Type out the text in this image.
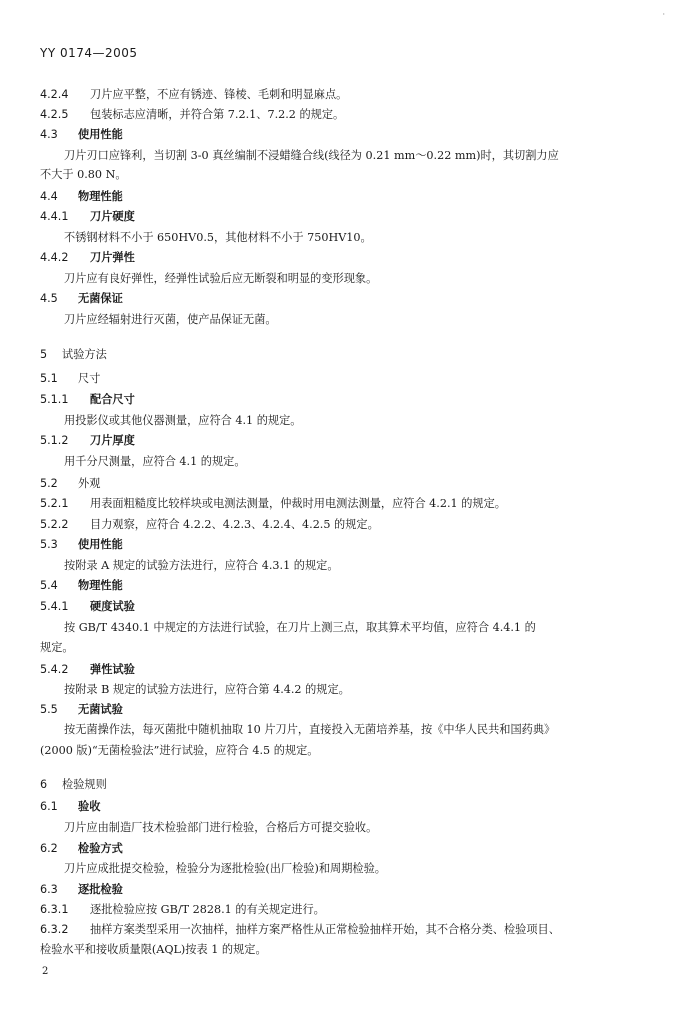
·
YY 0174—2005
4.2.4 刀片应平整，不应有锈迹、锋棱、毛刺和明显麻点。
4.2.5 包装标志应清晰，并符合第 7.2.1、7.2.2 的规定。
4.3 使用性能
刀片刃口应锋利，当切割 3-0 真丝编制不浸蜡缝合线(线径为 0.21 mm～0.22 mm)时，其切割力应
不大于 0.80 N。
4.4 物理性能
4.4.1 刀片硬度
不锈钢材料不小于 650HV0.5，其他材料不小于 750HV10。
4.4.2 刀片弹性
刀片应有良好弹性，经弹性试验后应无断裂和明显的变形现象。
4.5 无菌保证
刀片应经辐射进行灭菌，使产品保证无菌。
5 试验方法
5.1 尺寸
5.1.1 配合尺寸
用投影仪或其他仪器测量，应符合 4.1 的规定。
5.1.2 刀片厚度
用千分尺测量，应符合 4.1 的规定。
5.2 外观
5.2.1 用表面粗糙度比较样块或电测法测量，仲裁时用电测法测量，应符合 4.2.1 的规定。
5.2.2 目力观察，应符合 4.2.2、4.2.3、4.2.4、4.2.5 的规定。
5.3 使用性能
按附录 A 规定的试验方法进行，应符合 4.3.1 的规定。
5.4 物理性能
5.4.1 硬度试验
按 GB/T 4340.1 中规定的方法进行试验，在刀片上测三点，取其算术平均值，应符合 4.4.1 的
规定。
5.4.2 弹性试验
按附录 B 规定的试验方法进行，应符合第 4.4.2 的规定。
5.5 无菌试验
按无菌操作法，每灭菌批中随机抽取 10 片刀片，直接投入无菌培养基，按《中华人民共和国药典》
(2000 版)“无菌检验法”进行试验，应符合 4.5 的规定。
6 检验规则
6.1 验收
刀片应由制造厂技术检验部门进行检验，合格后方可提交验收。
6.2 检验方式
刀片应成批提交检验，检验分为逐批检验(出厂检验)和周期检验。
6.3 逐批检验
6.3.1 逐批检验应按 GB/T 2828.1 的有关规定进行。
6.3.2 抽样方案类型采用一次抽样，抽样方案严格性从正常检验抽样开始，其不合格分类、检验项目、
检验水平和接收质量限(AQL)按表 1 的规定。
2
